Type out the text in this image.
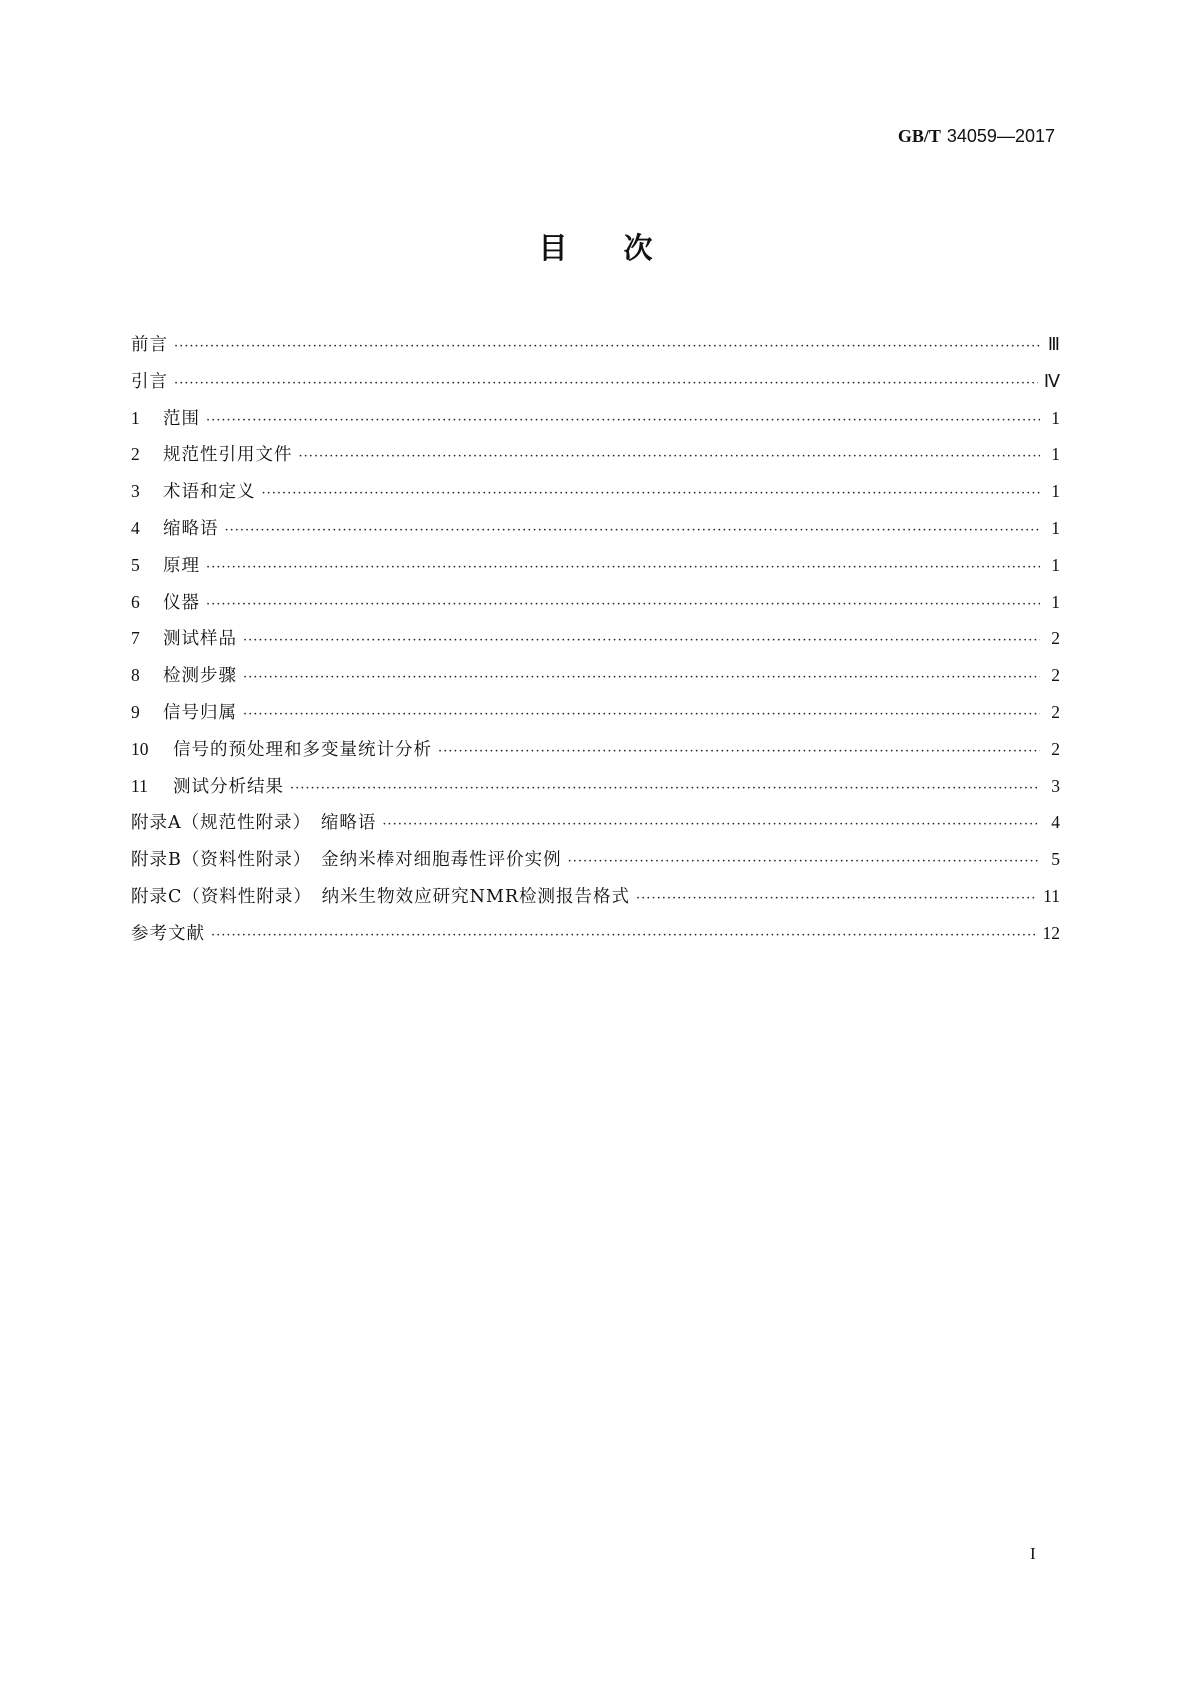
GB/T 34059—2017
目次
前言 ·····	Ⅲ
引言 ·····	Ⅳ
1	范围 ·····	1
2	规范性引用文件 ·····	1
3	术语和定义 ·····	1
4	缩略语 ·····	1
5	原理 ·····	1
6	仪器 ·····	1
7	测试样品 ·····	2
8	检测步骤 ·····	2
9	信号归属 ·····	2
10	信号的预处理和多变量统计分析 ·····	2
11	测试分析结果 ·····	3
附录A（规范性附录）　缩略语 ·····	4
附录B（资料性附录）　金纳米棒对细胞毒性评价实例 ·····	5
附录C（资料性附录）　纳米生物效应研究NMR检测报告格式 ·····	11
参考文献 ·····	12
I
